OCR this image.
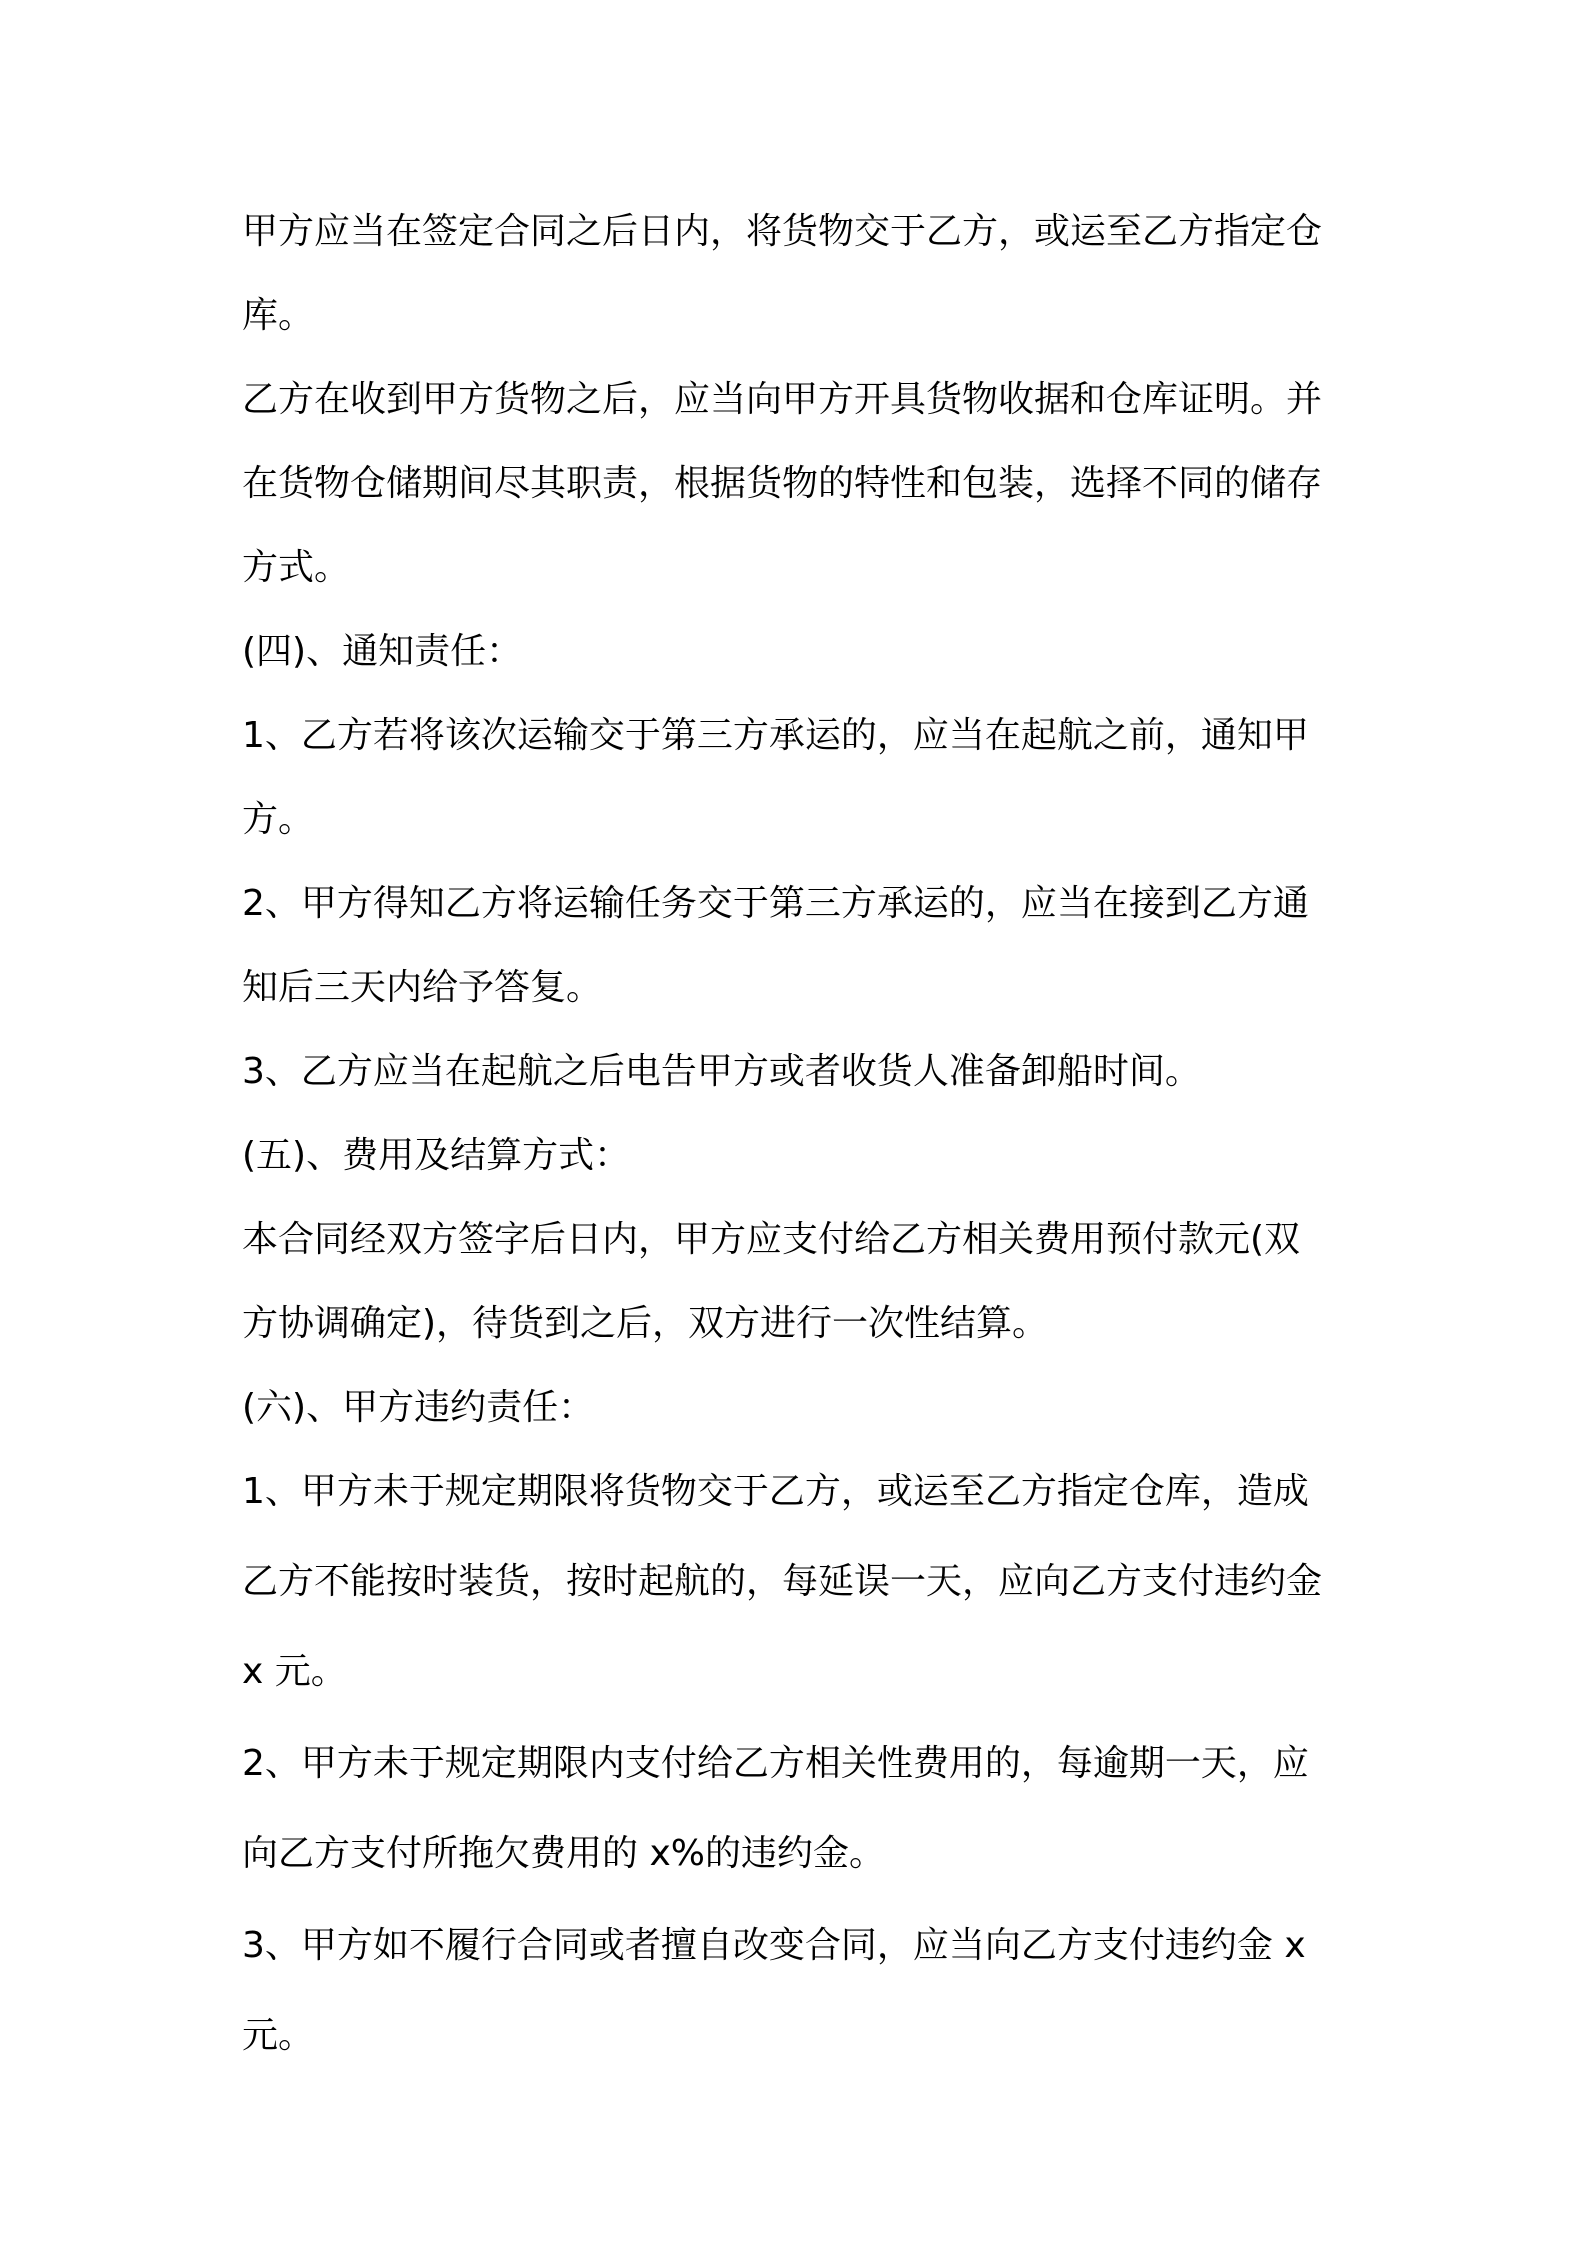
甲方应当在签定合同之后日内，将货物交于乙方，或运至乙方指定仓
库。
乙方在收到甲方货物之后，应当向甲方开具货物收据和仓库证明。并
在货物仓储期间尽其职责，根据货物的特性和包装，选择不同的储存
方式。
(四)、通知责任：
1、乙方若将该次运输交于第三方承运的，应当在起航之前，通知甲
方。
2、甲方得知乙方将运输任务交于第三方承运的，应当在接到乙方通
知后三天内给予答复。
3、乙方应当在起航之后电告甲方或者收货人准备卸船时间。
(五)、费用及结算方式：
本合同经双方签字后日内，甲方应支付给乙方相关费用预付款元(双
方协调确定)，待货到之后，双方进行一次性结算。
(六)、甲方违约责任：
1、甲方未于规定期限将货物交于乙方，或运至乙方指定仓库，造成
乙方不能按时装货，按时起航的，每延误一天，应向乙方支付违约金
x 元。
2、甲方未于规定期限内支付给乙方相关性费用的，每逾期一天，应
向乙方支付所拖欠费用的 x%的违约金。
3、甲方如不履行合同或者擅自改变合同，应当向乙方支付违约金 x
元。
